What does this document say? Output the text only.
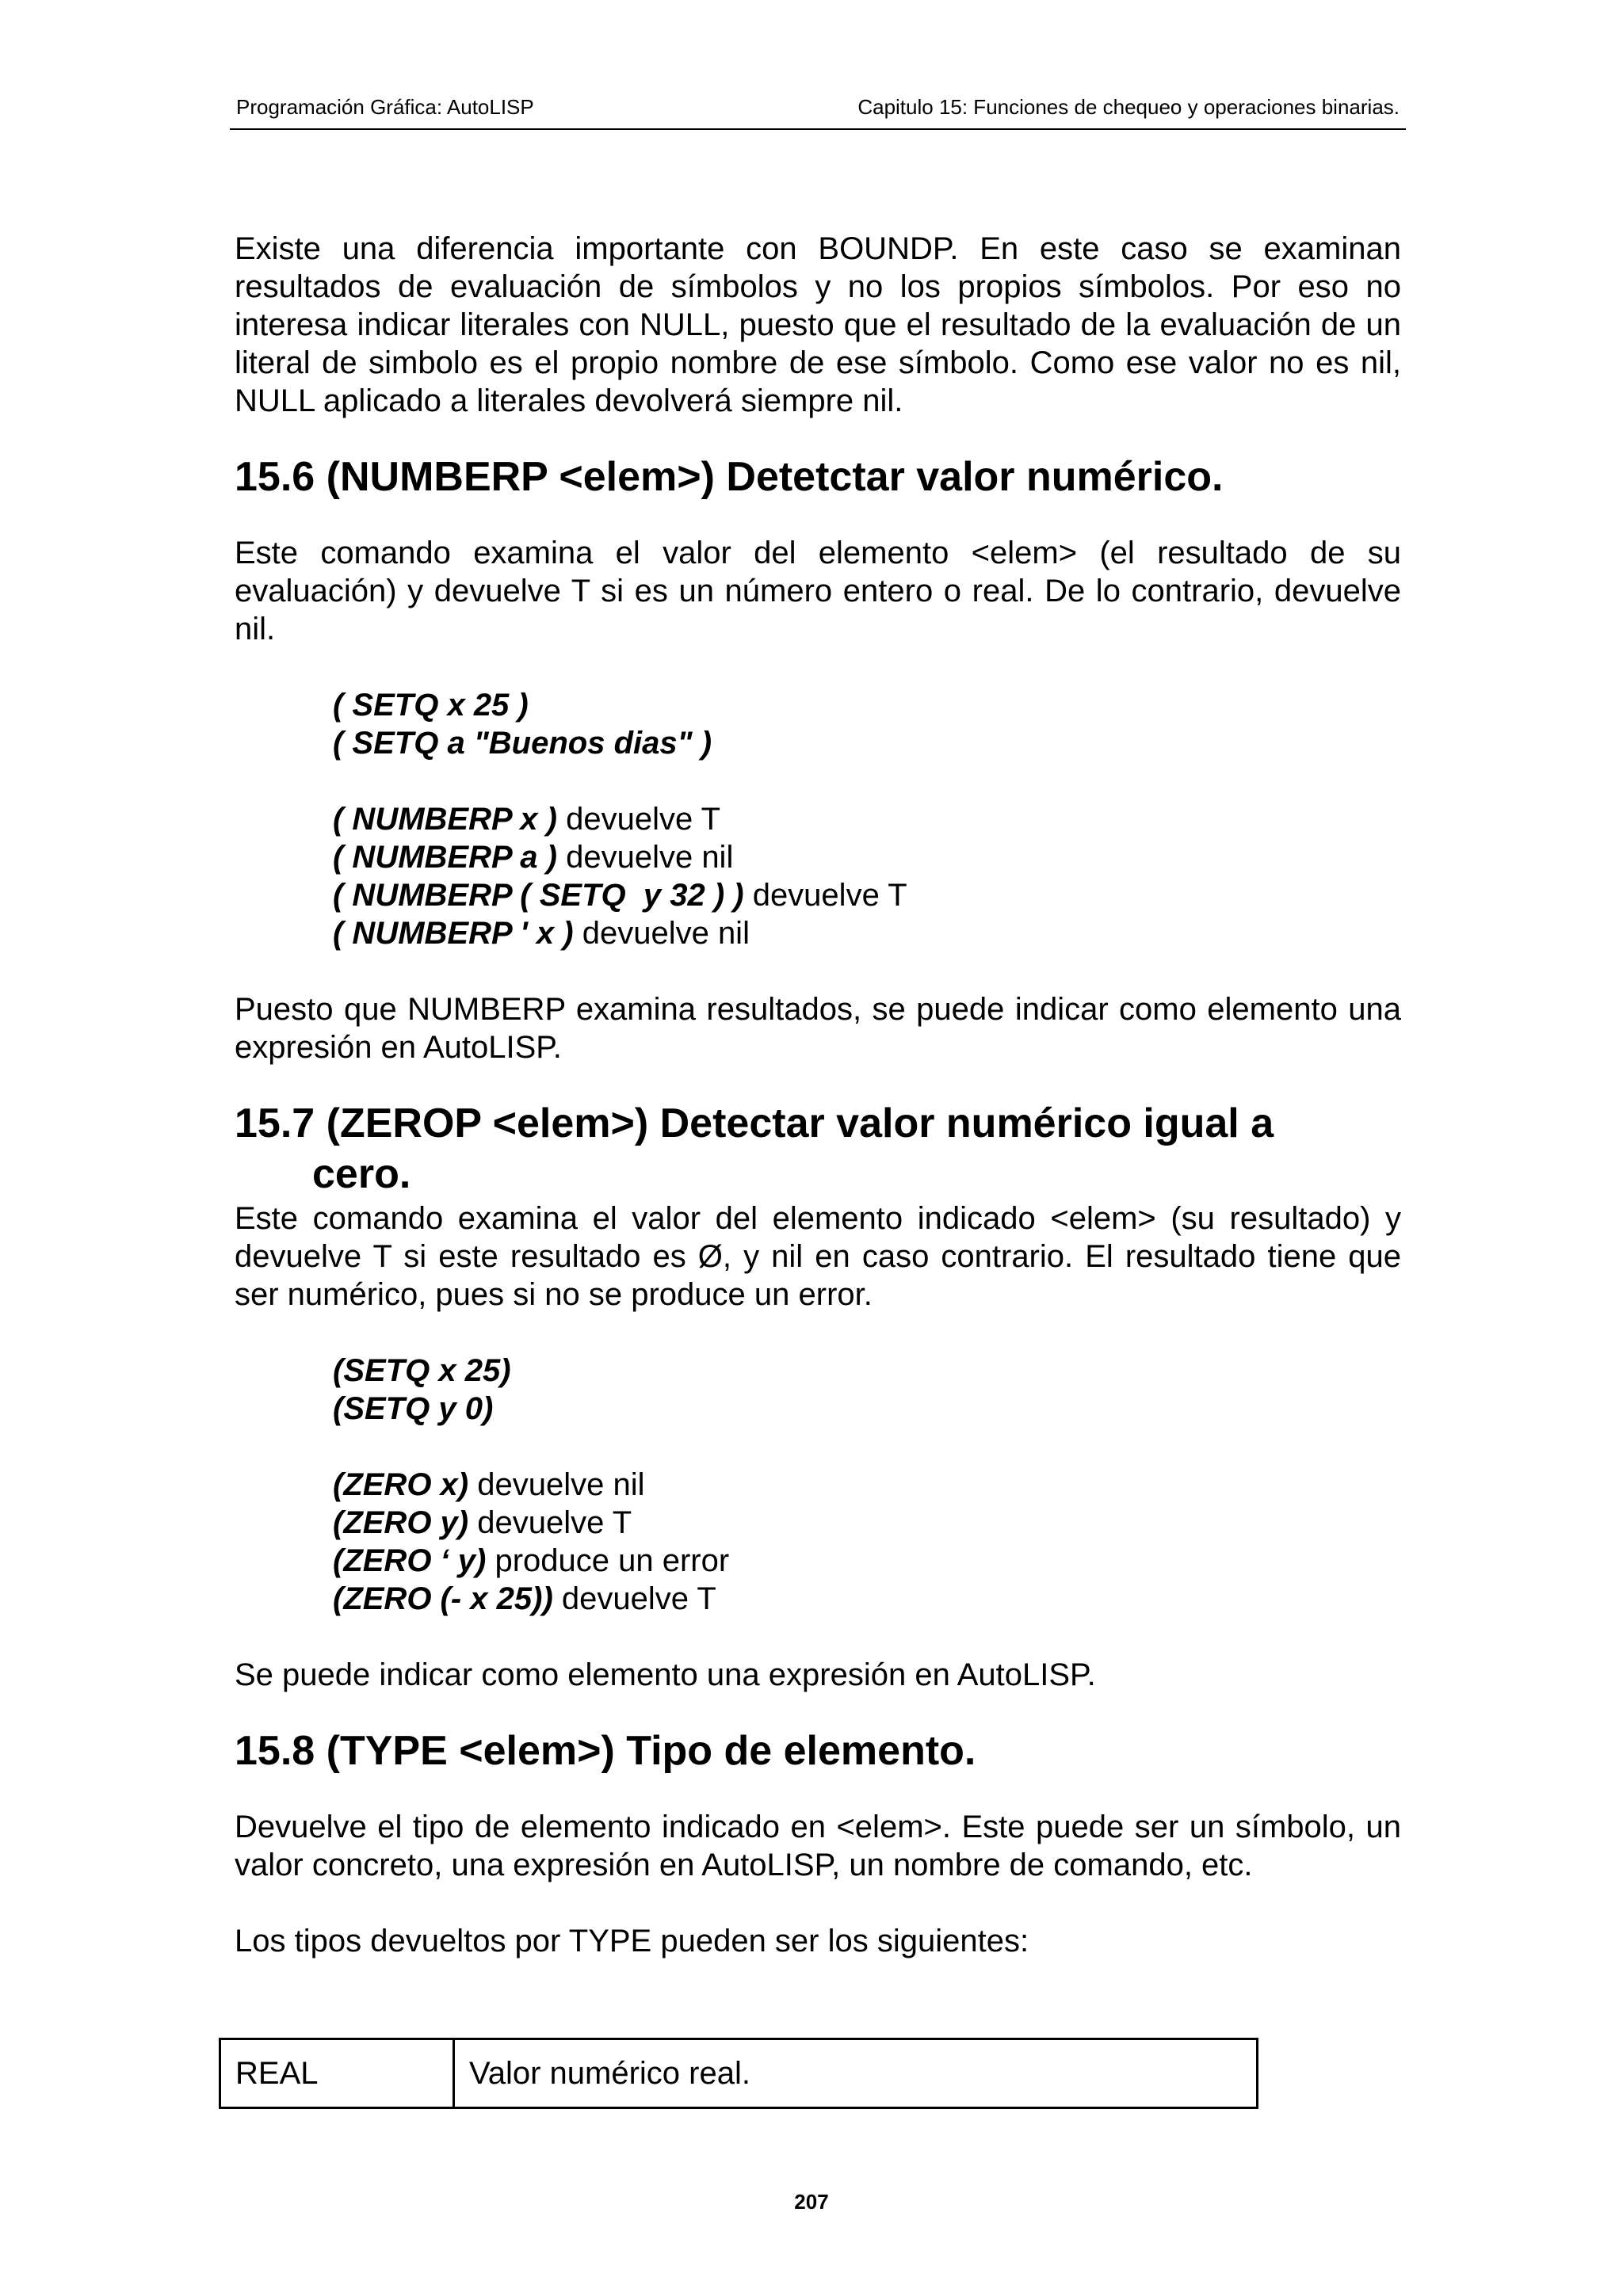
Programación Gráfica: AutoLISP	Capitulo 15: Funciones de chequeo y operaciones binarias.

Existe una diferencia importante con BOUNDP. En este caso se examinan resultados de evaluación de símbolos y no los propios símbolos. Por eso no interesa indicar literales con NULL, puesto que el resultado de la evaluación de un literal de simbolo es el propio nombre de ese símbolo. Como ese valor no es nil, NULL aplicado a literales devolverá siempre nil.

15.6 (NUMBERP <elem>) Detetctar valor numérico.

Este comando examina el valor del elemento <elem> (el resultado de su evaluación) y devuelve T si es un número entero o real. De lo contrario, devuelve nil.

( SETQ x 25 )
( SETQ a "Buenos dias" )
( NUMBERP x ) devuelve T
( NUMBERP a ) devuelve nil
( NUMBERP ( SETQ  y 32 ) ) devuelve T
( NUMBERP ' x ) devuelve nil

Puesto que NUMBERP examina resultados, se puede indicar como elemento una expresión en AutoLISP.

15.7 (ZEROP <elem>) Detectar valor numérico igual a
cero.

Este comando examina el valor del elemento indicado <elem> (su resultado) y devuelve T si este resultado es Ø, y nil en caso contrario. El resultado tiene que ser numérico, pues si no se produce un error.

(SETQ x 25)
(SETQ y 0)
(ZERO x) devuelve nil
(ZERO y) devuelve T
(ZERO ‘ y) produce un error
(ZERO (- x 25)) devuelve T

Se puede indicar como elemento una expresión en AutoLISP.

15.8 (TYPE <elem>) Tipo de elemento.

Devuelve el tipo de elemento indicado en <elem>. Este puede ser un símbolo, un valor concreto, una expresión en AutoLISP, un nombre de comando, etc.

Los tipos devueltos por TYPE pueden ser los siguientes:

REAL	Valor numérico real.
207
